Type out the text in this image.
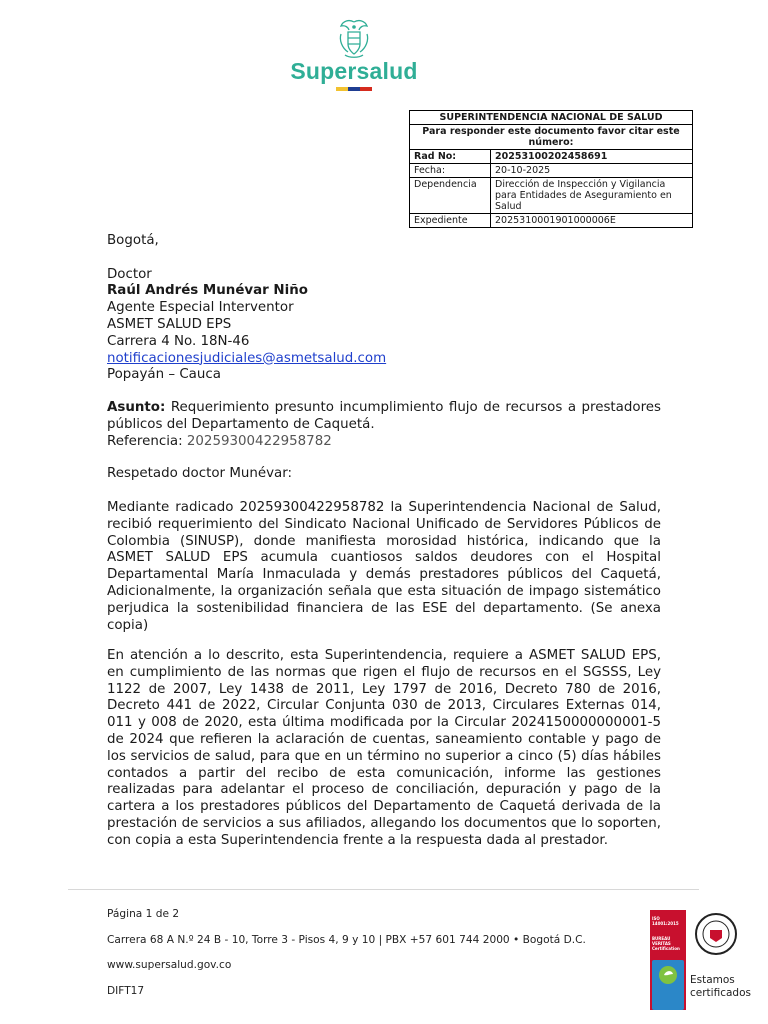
Supersalud
SUPERINTENDENCIA NACIONAL DE SALUD	
Para responder este documento favor citar este número:	
Rad No:	20253100202458691
Fecha:	20-10-2025
Dependencia	Dirección de Inspección y Vigilancia para Entidades de Aseguramiento en Salud
Expediente	2025310001901000006E
Bogotá,
Doctor
Raúl Andrés Munévar Niño
Agente Especial Interventor
ASMET SALUD EPS
Carrera 4 No. 18N-46
notificacionesjudiciales@asmetsalud.com
Popayán – Cauca

Asunto: Requerimiento presunto incumplimiento flujo de recursos a prestadores públicos del Departamento de Caquetá.

Referencia: 20259300422958782
Respetado doctor Munévar:

Mediante radicado 20259300422958782 la Superintendencia Nacional de Salud, recibió requerimiento del Sindicato Nacional Unificado de Servidores Públicos de Colombia (SINUSP), donde manifiesta morosidad histórica, indicando que la ASMET SALUD EPS acumula cuantiosos saldos deudores con el Hospital Departamental María Inmaculada y demás prestadores públicos del Caquetá, Adicionalmente, la organización señala que esta situación de impago sistemático perjudica la sostenibilidad financiera de las ESE del departamento. (Se anexa copia)

En atención a lo descrito, esta Superintendencia, requiere a ASMET SALUD EPS, en cumplimiento de las normas que rigen el flujo de recursos en el SGSSS, Ley 1122 de 2007, Ley 1438 de 2011, Ley 1797 de 2016, Decreto 780 de 2016, Decreto 441 de 2022, Circular Conjunta 030 de 2013, Circulares Externas 014, 011 y 008 de 2020, esta última modificada por la Circular 2024150000000001-5 de 2024 que refieren la aclaración de cuentas, saneamiento contable y pago de los servicios de salud, para que en un término no superior a cinco (5) días hábiles contados a partir del recibo de esta comunicación, informe las gestiones realizadas para adelantar el proceso de conciliación, depuración y pago de la cartera a los prestadores públicos del Departamento de Caquetá derivada de la prestación de servicios a sus afiliados, allegando los documentos que lo soporten, con copia a esta Superintendencia frente a la respuesta dada al prestador.

Página 1 de 2
Carrera 68 A N.º 24 B - 10, Torre 3 - Pisos 4, 9 y 10 | PBX +57 601 744 2000 • Bogotá D.C.
www.supersalud.gov.co
DIFT17
ISO 14001:2015
BUREAU VERITAS Certification
Estamos
certificados
